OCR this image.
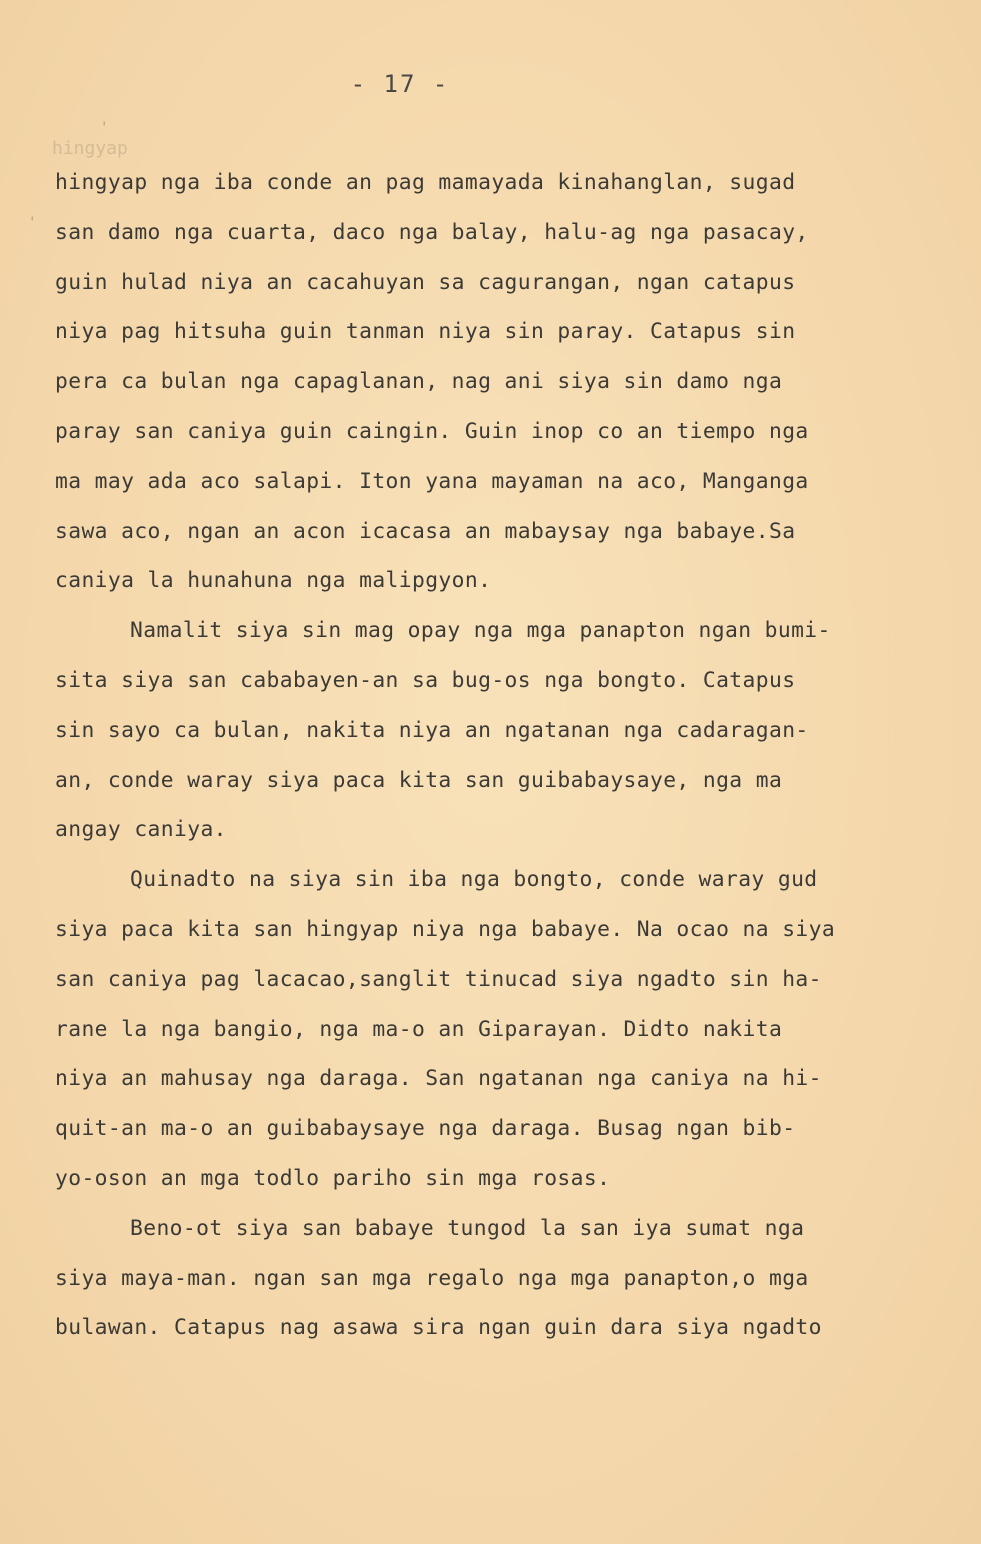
- 17 -
hingyap
'
'
hingyap nga iba conde an pag mamayada kinahanglan, sugad
san damo nga cuarta, daco nga balay, halu-ag nga pasacay,
guin hulad niya an cacahuyan sa cagurangan, ngan catapus
niya pag hitsuha guin tanman niya sin paray. Catapus sin
pera ca bulan nga capaglanan, nag ani siya sin damo nga
paray san caniya guin caingin. Guin inop co an tiempo nga
ma may ada aco salapi. Iton yana mayaman na aco, Manganga
sawa aco, ngan an acon icacasa an mabaysay nga babaye.Sa
caniya la hunahuna nga malipgyon.
Namalit siya sin mag opay nga mga panapton ngan bumi-
sita siya san cababayen-an sa bug-os nga bongto. Catapus
sin sayo ca bulan, nakita niya an ngatanan nga cadaragan-
an, conde waray siya paca kita san guibabaysaye, nga ma
angay caniya.
Quinadto na siya sin iba nga bongto, conde waray gud
siya paca kita san hingyap niya nga babaye. Na ocao na siya
san caniya pag lacacao,sanglit tinucad siya ngadto sin ha-
rane la nga bangio, nga ma-o an Giparayan. Didto nakita
niya an mahusay nga daraga. San ngatanan nga caniya na hi-
quit-an ma-o an guibabaysaye nga daraga. Busag ngan bib-
yo-oson an mga todlo pariho sin mga rosas.
Beno-ot siya san babaye tungod la san iya sumat nga
siya maya-man. ngan san mga regalo nga mga panapton,o mga
bulawan. Catapus nag asawa sira ngan guin dara siya ngadto
